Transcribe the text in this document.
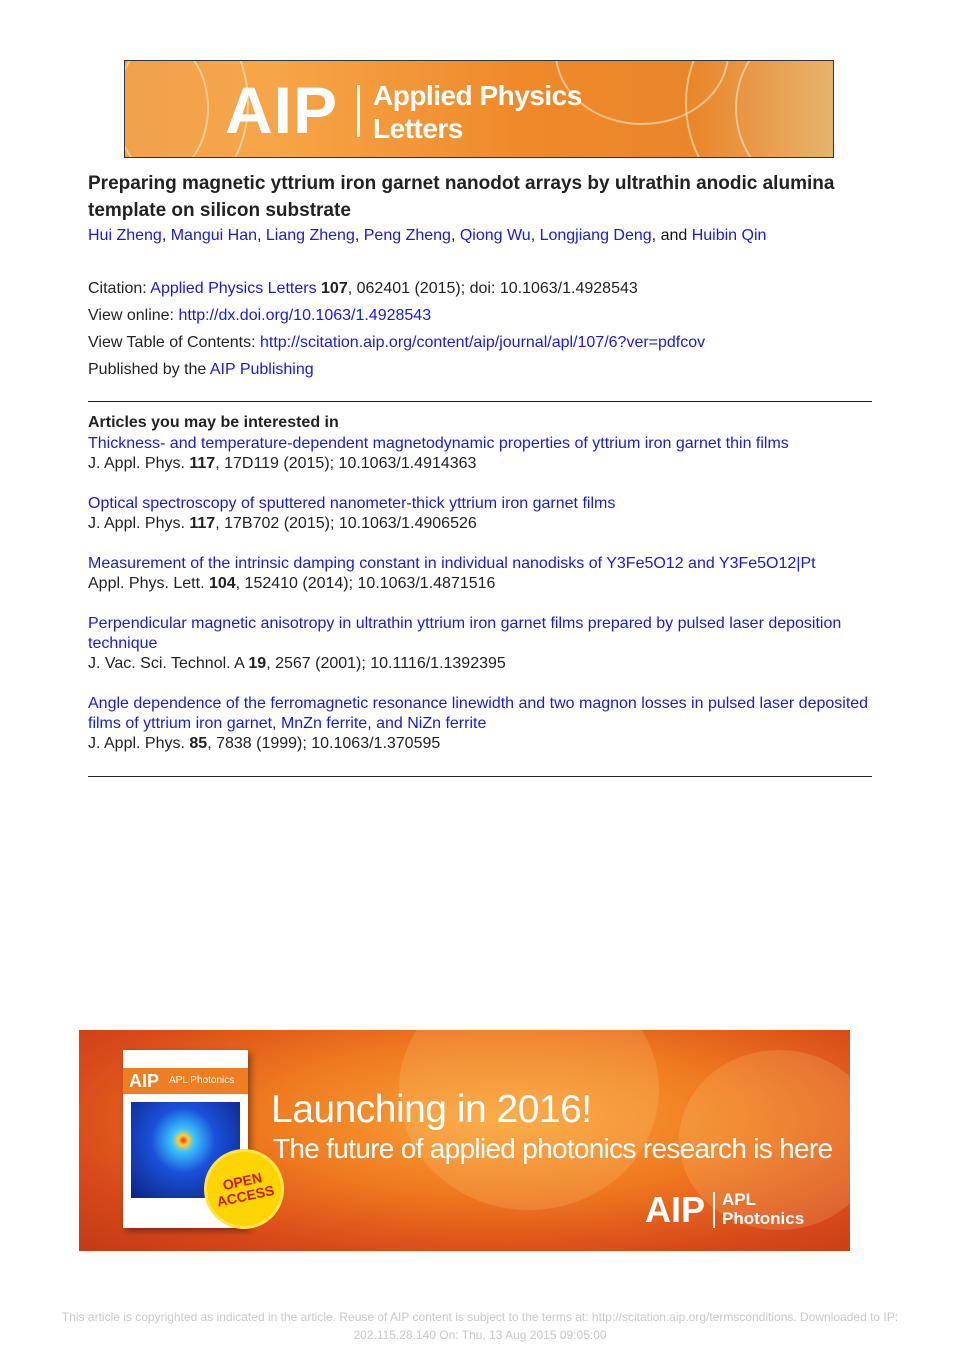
AIP Applied Physics
Letters
Preparing magnetic yttrium iron garnet nanodot arrays by ultrathin anodic alumina template on silicon substrate
Hui Zheng, Mangui Han, Liang Zheng, Peng Zheng, Qiong Wu, Longjiang Deng, and Huibin Qin
Citation: Applied Physics Letters 107, 062401 (2015); doi: 10.1063/1.4928543
View online: http://dx.doi.org/10.1063/1.4928543
View Table of Contents: http://scitation.aip.org/content/aip/journal/apl/107/6?ver=pdfcov
Published by the AIP Publishing
Articles you may be interested in
Thickness- and temperature-dependent magnetodynamic properties of yttrium iron garnet thin films
J. Appl. Phys. 117, 17D119 (2015); 10.1063/1.4914363
Optical spectroscopy of sputtered nanometer-thick yttrium iron garnet films
J. Appl. Phys. 117, 17B702 (2015); 10.1063/1.4906526
Measurement of the intrinsic damping constant in individual nanodisks of Y3Fe5O12 and Y3Fe5O12|Pt
Appl. Phys. Lett. 104, 152410 (2014); 10.1063/1.4871516
Perpendicular magnetic anisotropy in ultrathin yttrium iron garnet films prepared by pulsed laser deposition technique
J. Vac. Sci. Technol. A 19, 2567 (2001); 10.1116/1.1392395
Angle dependence of the ferromagnetic resonance linewidth and two magnon losses in pulsed laser deposited films of yttrium iron garnet, MnZn ferrite, and NiZn ferrite
J. Appl. Phys. 85, 7838 (1999); 10.1063/1.370595
AIP APL Photonics
OPEN ACCESS
Launching in 2016!
The future of applied photonics research is here
AIP APL
Photonics
This article is copyrighted as indicated in the article. Reuse of AIP content is subject to the terms at: http://scitation.aip.org/termsconditions. Downloaded to IP:
202.115.28.140 On: Thu, 13 Aug 2015 09:05:00
